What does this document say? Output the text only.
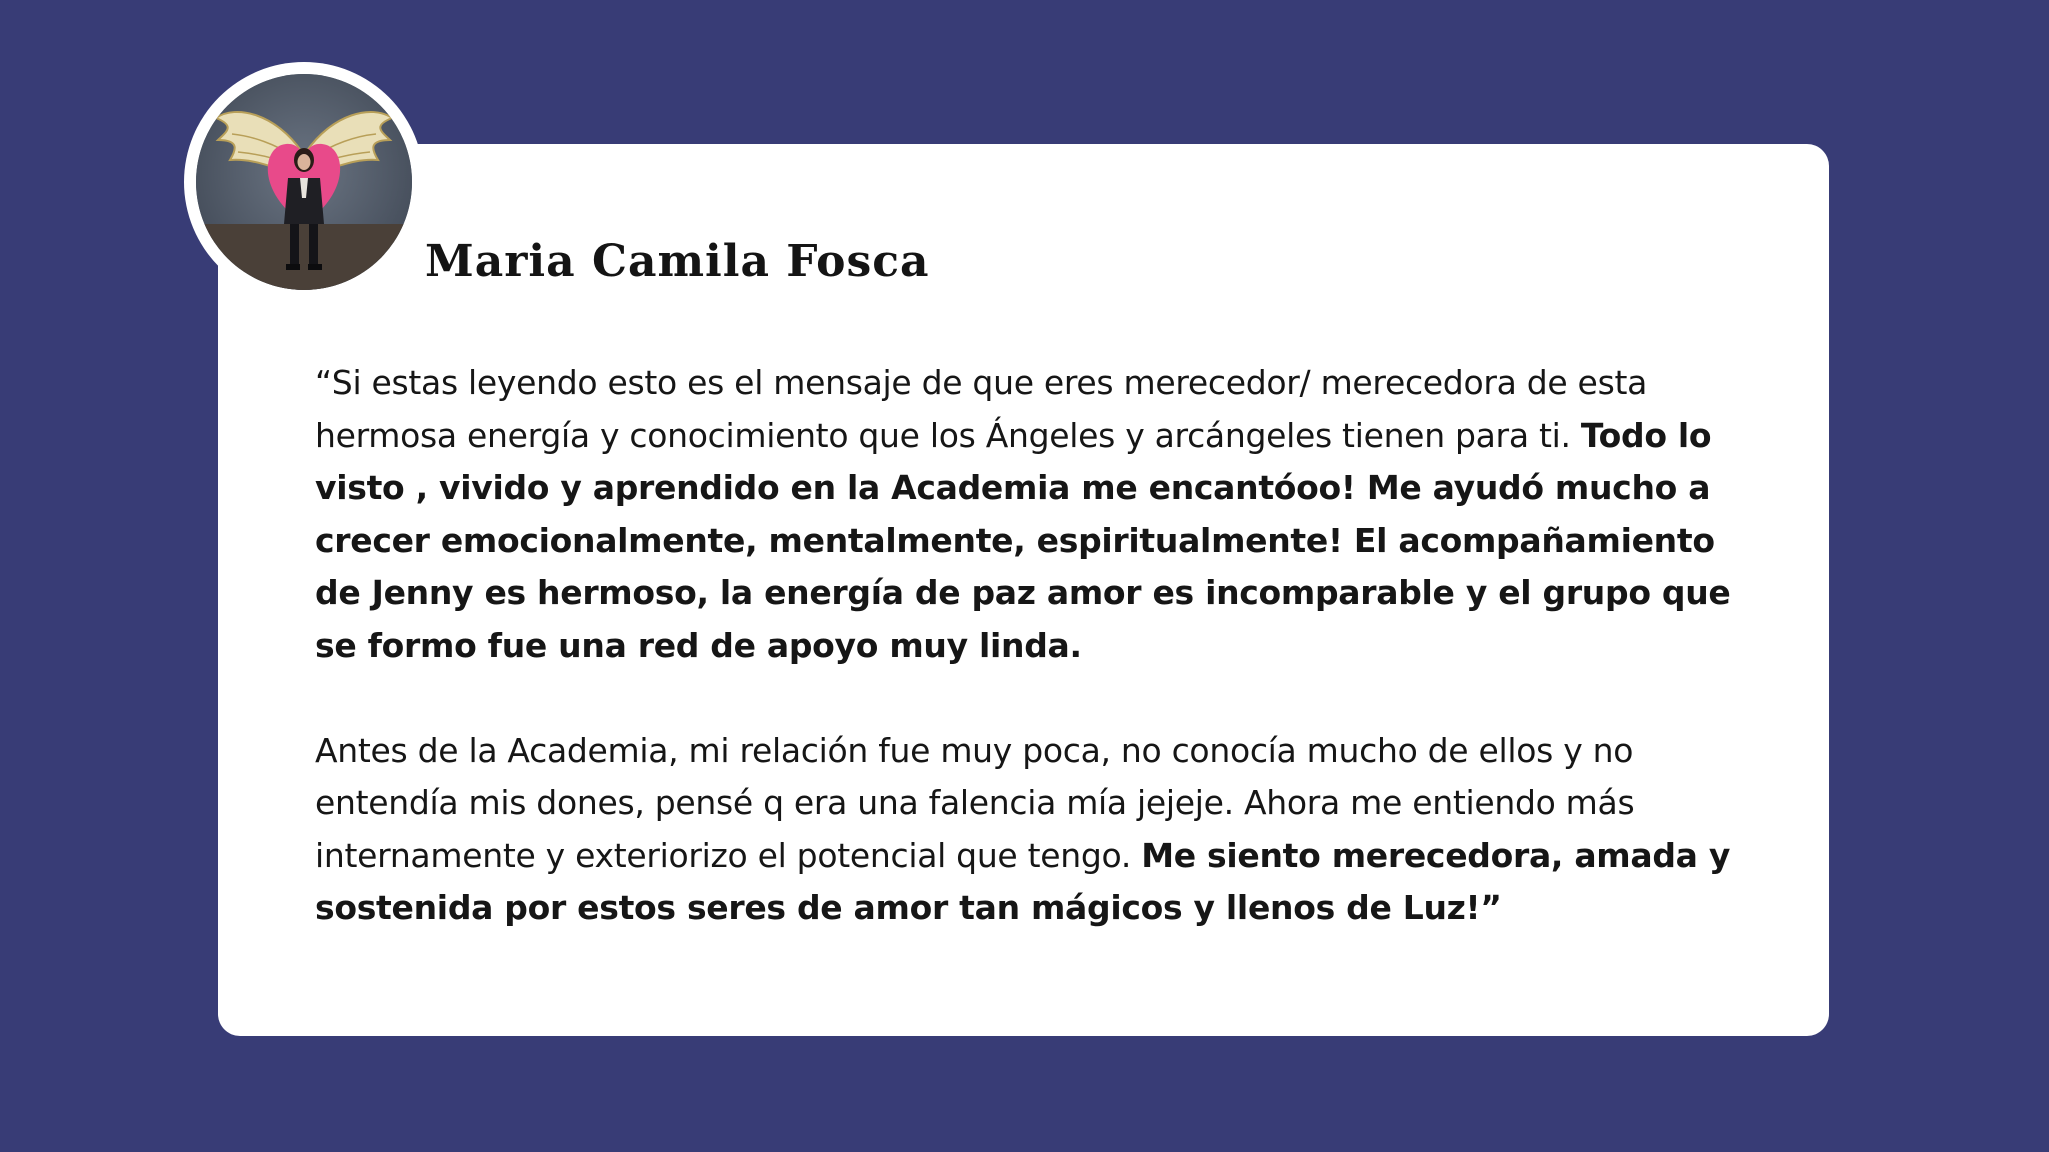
Maria Camila Fosca

“Si estas leyendo esto es el mensaje de que eres merecedor/ merecedora de esta hermosa energía y conocimiento que los Ángeles y arcángeles tienen para ti. Todo lo visto , vivido y aprendido en la Academia me encantóoo! Me ayudó mucho a crecer emocionalmente, mentalmente, espiritualmente! El acompañamiento de Jenny es hermoso, la energía de paz amor es incomparable y el grupo que se formo fue una red de apoyo muy linda.

Antes de la Academia, mi relación fue muy poca, no conocía mucho de ellos y no entendía mis dones, pensé q era una falencia mía jejeje. Ahora me entiendo más internamente y exteriorizo el potencial que tengo. Me siento merecedora, amada y sostenida por estos seres de amor tan mágicos y llenos de Luz!”
